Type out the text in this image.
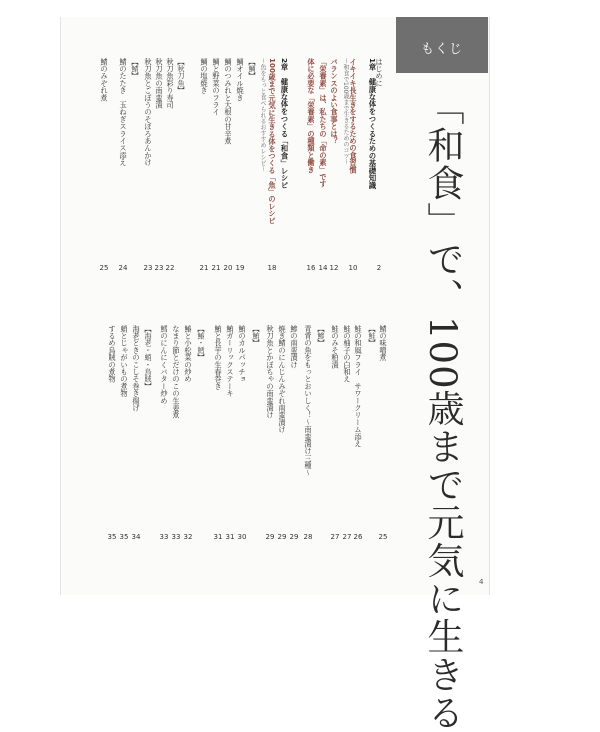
もくじ
「和食」で、100歳まで元気に生きる
はじめに
2
1章　健康な体をつくるための基礎知識
イキイキ長生きをするための食習慣
10
～和食で100歳まで生きるためのコツ～
バランスのよい食事とは？
12
「栄養素」は、私たちの「命の素」です
14
体に必要な「栄養素」の種類と働き
16
2章　健康な体をつくる「和食」レシピ
100歳まで元気に生きる体をつくる「魚」のレシピ
18
～魚をもっと食べられるおすすめレシピ～
【鯛】
鯛オイル焼き
19
鯛のつみれと大根の甘辛煮
20
鯛と野菜のフライ
21
鯛の塩焼き
21
【秋刀魚】
秋刀魚彩り寿司
22
秋刀魚の南蛮漬
23
秋刀魚とごぼうのそぼろあんかけ
23
【鯖】
鯖のたたき　玉ねぎスライス添え
24
鯖のみぞれ煮
25
鯖の味噌煮
25
【鮭】
鮭の和風フライ　サワークリーム添え
26
鮭の柚子の白和え
27
鮭のみそ粕漬
27
【鯵】
青背の魚をもっとおいしく！～南蛮漬け三種～
28
鯵の南蛮漬け
29
焼き鯖のにんじんみぞれ南蛮漬け
29
秋刀魚とかぼちゃの南蛮漬け
29
【鮪】
鮪のカルパッチョ
30
鮪ガーリックステーキ
31
鮪と長芋の生春巻き
31
【鰆・鱈】
鰆と小松菜の炒め
32
なまり節とだけのこの生姜煮
33
鱈のにんにくバター炒め
33
【海老・蛸・烏賊】
海老ときのこしそ巻き揚げ
34
蛸とじゃがいもの煮物
35
するめ烏賊の煮物
35
4
